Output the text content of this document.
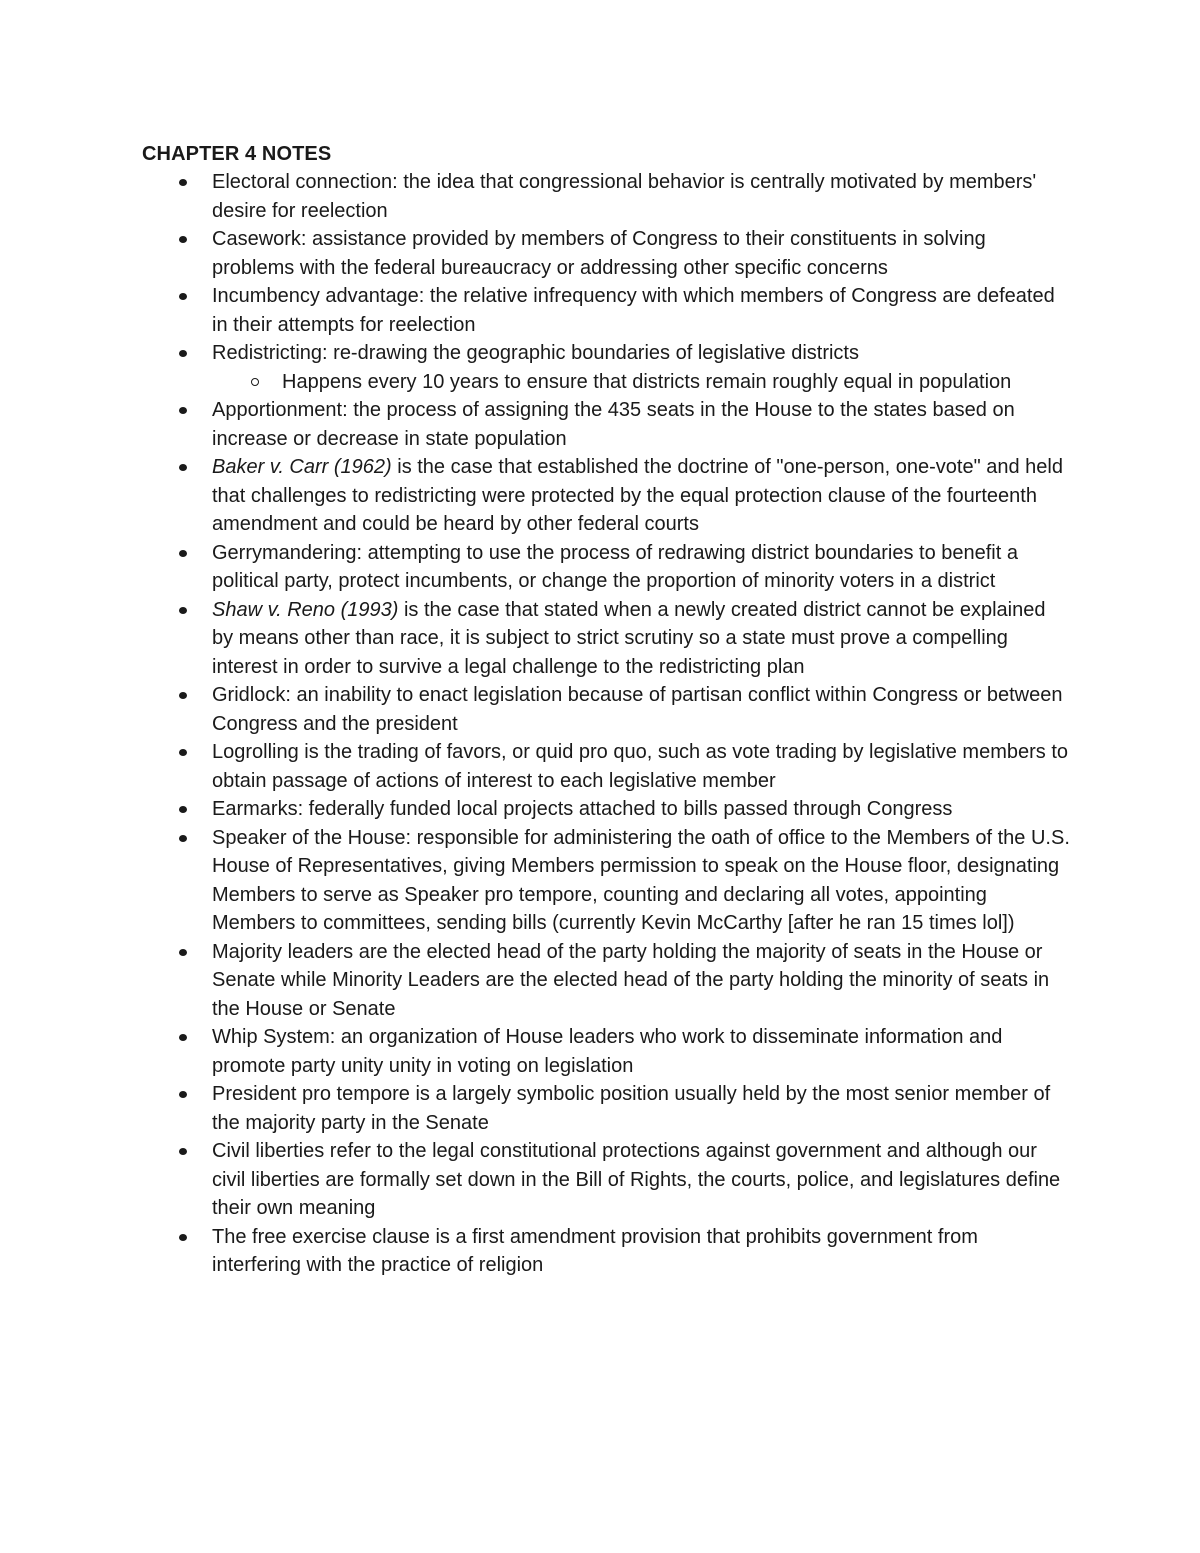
CHAPTER 4 NOTES
Electoral connection: the idea that congressional behavior is centrally motivated by members' desire for reelection
Casework: assistance provided by members of Congress to their constituents in solving problems with the federal bureaucracy or addressing other specific concerns
Incumbency advantage: the relative infrequency with which members of Congress are defeated in their attempts for reelection
Redistricting: re-drawing the geographic boundaries of legislative districts
Happens every 10 years to ensure that districts remain roughly equal in population
Apportionment: the process of assigning the 435 seats in the House to the states based on increase or decrease in state population
Baker v. Carr (1962) is the case that established the doctrine of "one-person, one-vote" and held that challenges to redistricting were protected by the equal protection clause of the fourteenth amendment and could be heard by other federal courts
Gerrymandering: attempting to use the process of redrawing district boundaries to benefit a political party, protect incumbents, or change the proportion of minority voters in a district
Shaw v. Reno (1993) is the case that stated when a newly created district cannot be explained by means other than race, it is subject to strict scrutiny so a state must prove a compelling interest in order to survive a legal challenge to the redistricting plan
Gridlock: an inability to enact legislation because of partisan conflict within Congress or between Congress and the president
Logrolling is the trading of favors, or quid pro quo, such as vote trading by legislative members to obtain passage of actions of interest to each legislative member
Earmarks: federally funded local projects attached to bills passed through Congress
Speaker of the House: responsible for administering the oath of office to the Members of the U.S. House of Representatives, giving Members permission to speak on the House floor, designating Members to serve as Speaker pro tempore, counting and declaring all votes, appointing Members to committees, sending bills (currently Kevin McCarthy [after he ran 15 times lol])
Majority leaders are the elected head of the party holding the majority of seats in the House or Senate while Minority Leaders are the elected head of the party holding the minority of seats in the House or Senate
Whip System: an organization of House leaders who work to disseminate information and promote party unity unity in voting on legislation
President pro tempore is a largely symbolic position usually held by the most senior member of the majority party in the Senate
Civil liberties refer to the legal constitutional protections against government and although our civil liberties are formally set down in the Bill of Rights, the courts, police, and legislatures define their own meaning
The free exercise clause is a first amendment provision that prohibits government from interfering with the practice of religion
